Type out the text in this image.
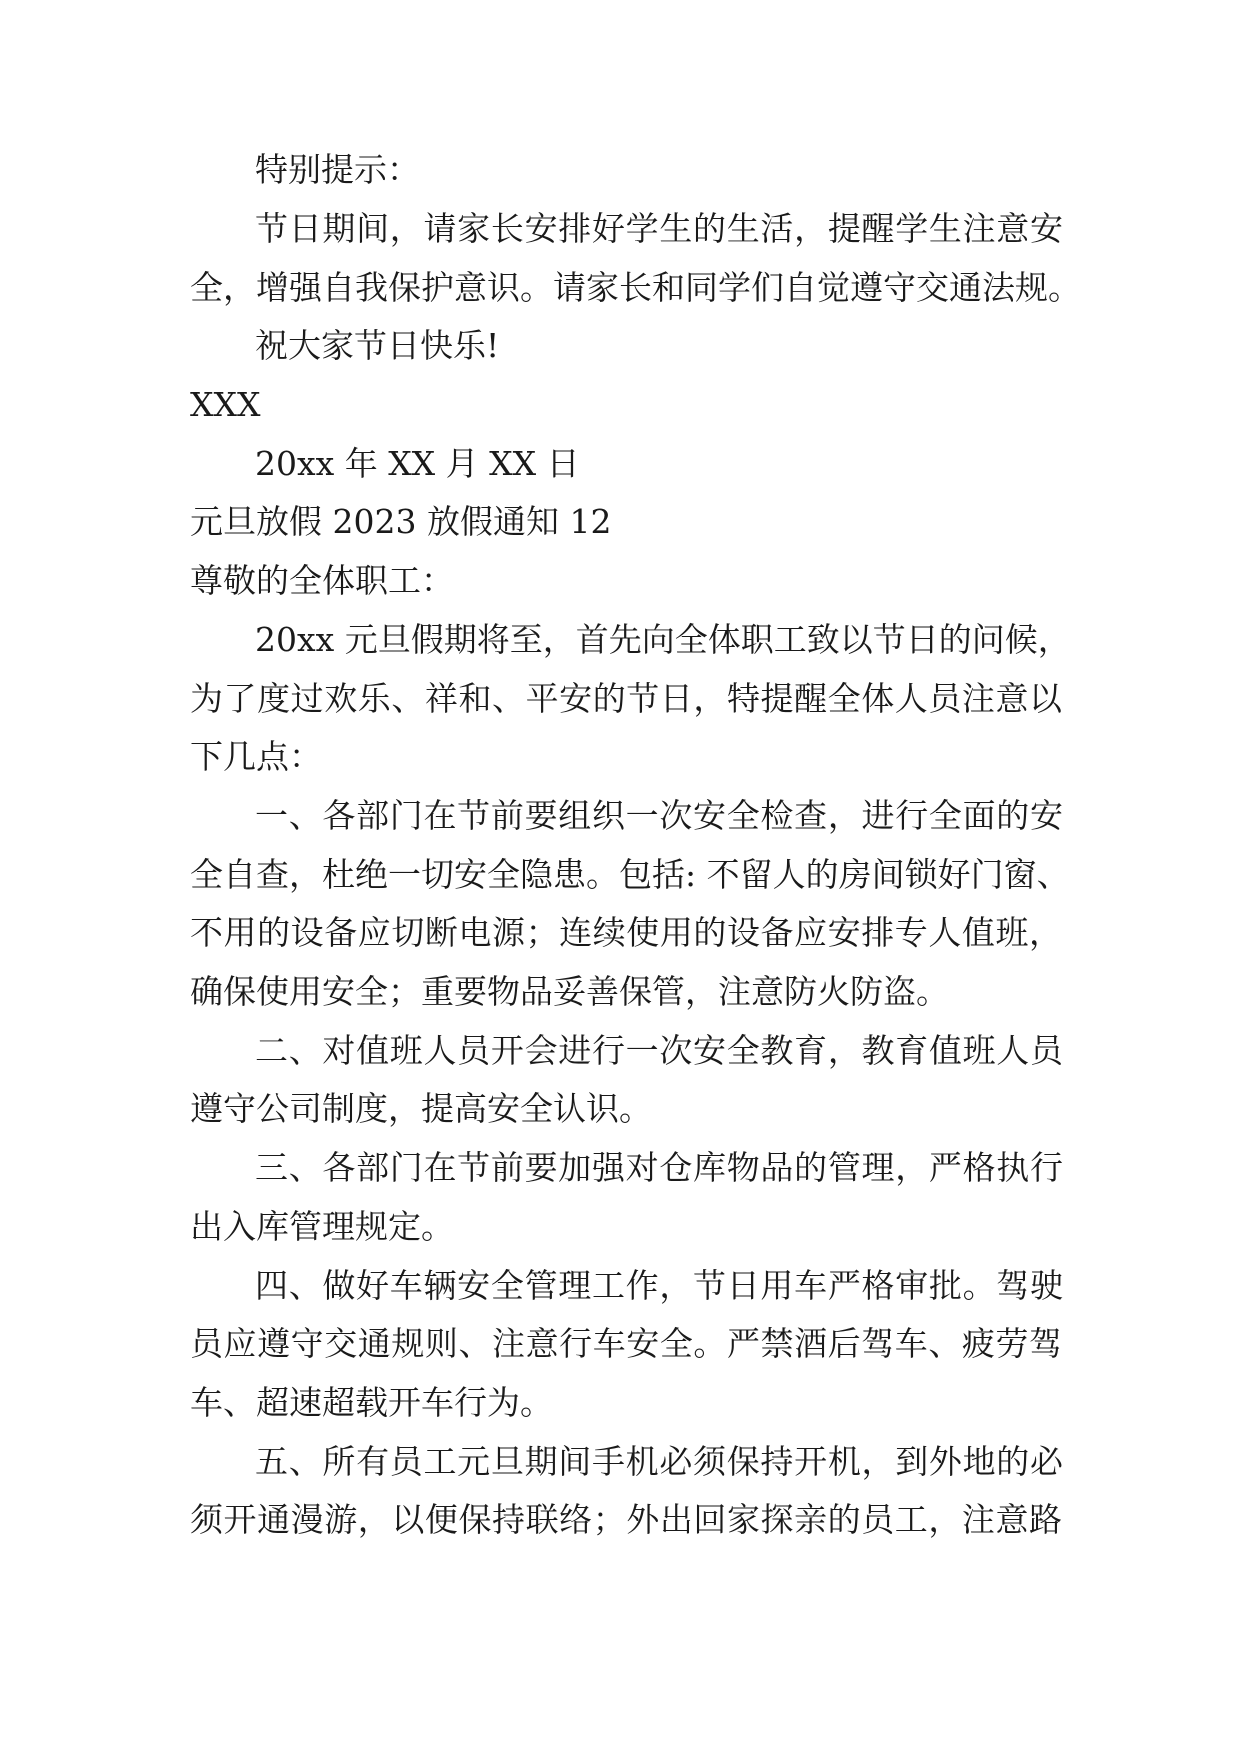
特别提示：
节日期间，请家长安排好学生的生活，提醒学生注意安
全，增强自我保护意识。请家长和同学们自觉遵守交通法规。
祝大家节日快乐!
XXX
20xx 年 XX 月 XX 日
元旦放假 2023 放假通知 12
尊敬的全体职工：
20xx 元旦假期将至，首先向全体职工致以节日的问候，
为了度过欢乐、祥和、平安的节日，特提醒全体人员注意以
下几点：
一、各部门在节前要组织一次安全检查，进行全面的安
全自查，杜绝一切安全隐患。包括: 不留人的房间锁好门窗、
不用的设备应切断电源；连续使用的设备应安排专人值班，
确保使用安全；重要物品妥善保管，注意防火防盗。
二、对值班人员开会进行一次安全教育，教育值班人员
遵守公司制度，提高安全认识。
三、各部门在节前要加强对仓库物品的管理，严格执行
出入库管理规定。
四、做好车辆安全管理工作，节日用车严格审批。驾驶
员应遵守交通规则、注意行车安全。严禁酒后驾车、疲劳驾
车、超速超载开车行为。
五、所有员工元旦期间手机必须保持开机，到外地的必
须开通漫游，以便保持联络；外出回家探亲的员工，注意路
